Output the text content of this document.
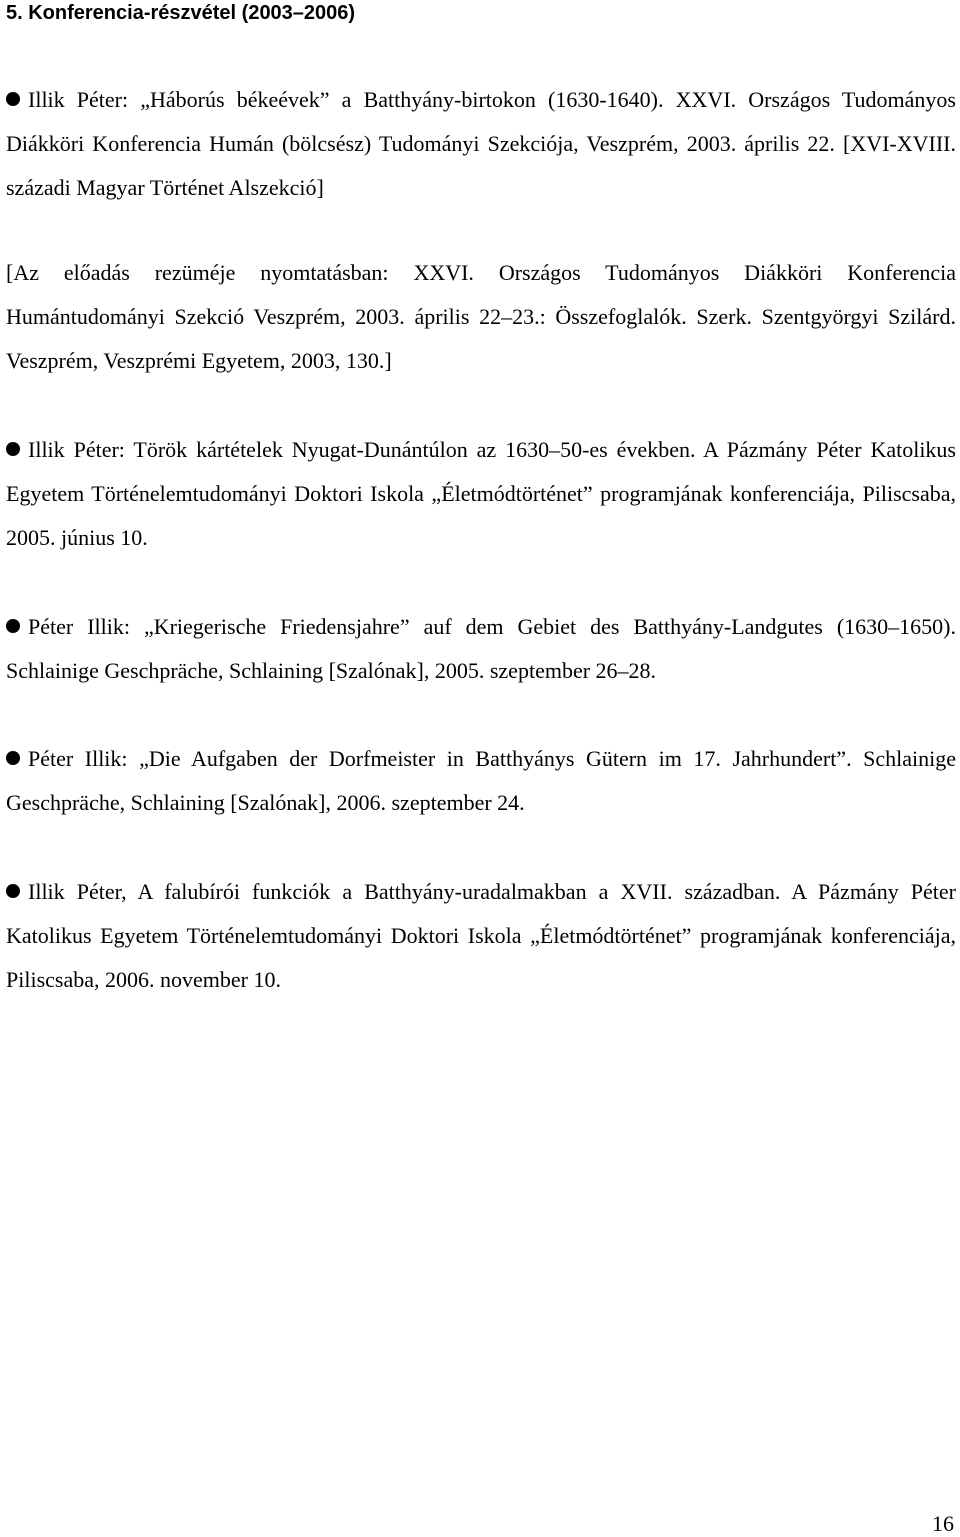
5. Konferencia-részvétel (2003–2006)

Illik Péter: „Háborús békeévek” a Batthyány-birtokon (1630-1640). XXVI. Országos Tudományos Diákköri Konferencia Humán (bölcsész) Tudományi Szekciója, Veszprém, 2003. április 22. [XVI-XVIII. századi Magyar Történet Alszekció]

[Az előadás rezüméje nyomtatásban: XXVI. Országos Tudományos Diákköri Konferencia Humántudományi Szekció Veszprém, 2003. április 22–23.: Összefoglalók. Szerk. Szentgyörgyi Szilárd. Veszprém, Veszprémi Egyetem, 2003, 130.]

Illik Péter: Török kártételek Nyugat-Dunántúlon az 1630–50-es években. A Pázmány Péter Katolikus Egyetem Történelemtudományi Doktori Iskola „Életmódtörténet” programjának konferenciája, Piliscsaba, 2005. június 10.

Péter Illik: „Kriegerische Friedensjahre” auf dem Gebiet des Batthyány-Landgutes (1630–1650). Schlainige Geschpräche, Schlaining [Szalónak], 2005. szeptember 26–28.

Péter Illik: „Die Aufgaben der Dorfmeister in Batthyánys Gütern im 17. Jahrhundert”. Schlainige Geschpräche, Schlaining [Szalónak], 2006. szeptember 24.

Illik Péter, A falubírói funkciók a Batthyány-uradalmakban a XVII. században. A Pázmány Péter Katolikus Egyetem Történelemtudományi Doktori Iskola „Életmódtörténet” programjának konferenciája, Piliscsaba, 2006. november 10.

16
